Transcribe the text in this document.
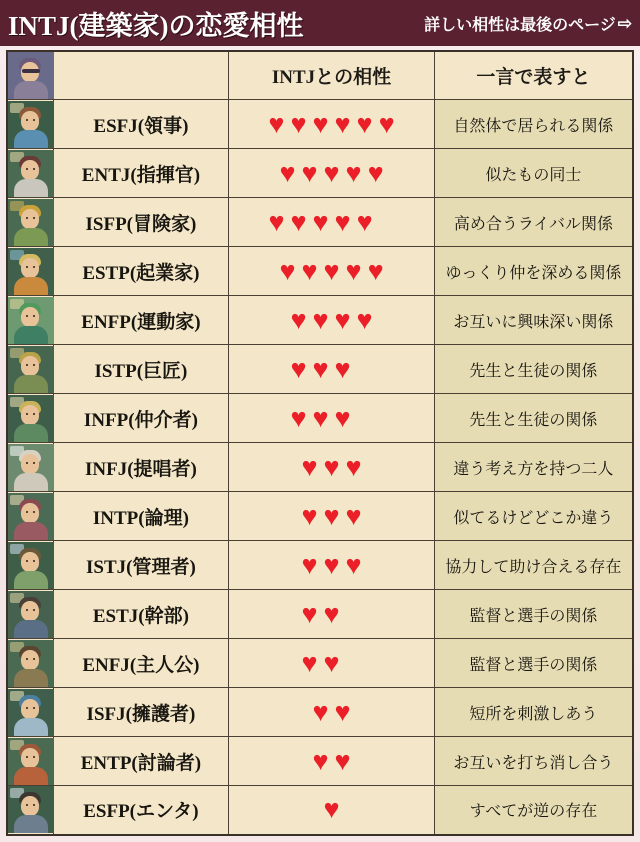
INTJ(建築家)の恋愛相性	詳しい相性は最後のページ ⇨
		INTJとの相性	一言で表すと

	ESFJ(領事)	♥ ♥ ♥ ♥ ♥ ♥	自然体で居られる関係

	ENTJ(指揮官)	♥ ♥ ♥ ♥ ♥	似たもの同士

	ISFP(冒険家)	♥ ♥ ♥ ♥ ♥	高め合うライバル関係

	ESTP(起業家)	♥ ♥ ♥ ♥ ♥	ゆっくり仲を深める関係

	ENFP(運動家)	♥ ♥ ♥ ♥	お互いに興味深い関係

	ISTP(巨匠)	♥ ♥ ♥	先生と生徒の関係

	INFP(仲介者)	♥ ♥ ♥	先生と生徒の関係

	INFJ(提唱者)	♥ ♥ ♥	違う考え方を持つ二人

	INTP(論理)	♥ ♥ ♥	似てるけどどこか違う

	ISTJ(管理者)	♥ ♥ ♥	協力して助け合える存在

	ESTJ(幹部)	♥ ♥	監督と選手の関係

	ENFJ(主人公)	♥ ♥	監督と選手の関係

	ISFJ(擁護者)	♥ ♥	短所を刺激しあう

	ENTP(討論者)	♥ ♥	お互いを打ち消し合う

	ESFP(エンタ)	♥	すべてが逆の存在
